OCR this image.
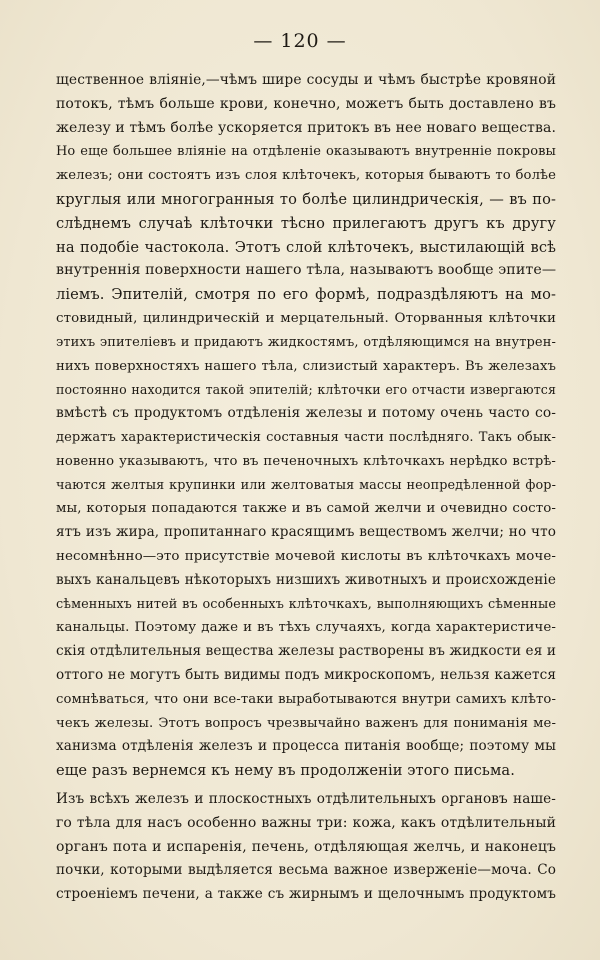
— 120 —
щественное вліяніе,—чѣмъ шире сосуды и чѣмъ быстрѣе кровяной
потокъ, тѣмъ больше крови, конечно, можетъ быть доставлено въ
железу и тѣмъ болѣе ускоряется притокъ въ нее новаго вещества.
Но еще большее вліяніе на отдѣленіе оказываютъ внутренніе покровы
железъ; они состоятъ изъ слоя клѣточекъ, которыя бываютъ то болѣе
круглыя или многогранныя то болѣе цилиндрическія, — въ по-
слѣднемъ случаѣ клѣточки тѣсно прилегаютъ другъ къ другу
на подобіе частокола. Этотъ слой клѣточекъ, выстилающій всѣ
внутреннія поверхности нашего тѣла, называютъ вообще эпите—
ліемъ. Эпителій, смотря по его формѣ, подраздѣляютъ на мо-
стовидный, цилиндрическій и мерцательный. Оторванныя клѣточки
этихъ эпителіевъ и придаютъ жидкостямъ, отдѣляющимся на внутрен-
нихъ поверхностяхъ нашего тѣла, слизистый характеръ. Въ железахъ
постоянно находится такой эпителій; клѣточки его отчасти извергаются
вмѣстѣ съ продуктомъ отдѣленія железы и потому очень часто со-
держатъ характеристическія составныя части послѣдняго. Такъ обык-
новенно указываютъ, что въ печеночныхъ клѣточкахъ нерѣдко встрѣ-
чаются желтыя крупинки или желтоватыя массы неопредѣленной фор-
мы, которыя попадаются также и въ самой желчи и очевидно состо-
ятъ изъ жира, пропитаннаго красящимъ веществомъ желчи; но что
несомнѣнно—это присутствіе мочевой кислоты въ клѣточкахъ моче-
выхъ канальцевъ нѣкоторыхъ низшихъ животныхъ и происхожденіе
сѣменныхъ нитей въ особенныхъ клѣточкахъ, выполняющихъ сѣменные
канальцы. Поэтому даже и въ тѣхъ случаяхъ, когда характеристиче-
скія отдѣлительныя вещества железы растворены въ жидкости ея и
оттого не могутъ быть видимы подъ микроскопомъ, нельзя кажется
сомнѣваться, что они все-таки выработываются внутри самихъ клѣто-
чекъ железы. Этотъ вопросъ чрезвычайно важенъ для пониманія ме-
ханизма отдѣленія железъ и процесса питанія вообще; поэтому мы
еще разъ вернемся къ нему въ продолженіи этого письма.
Изъ всѣхъ железъ и плоскостныхъ отдѣлительныхъ органовъ наше-
го тѣла для насъ особенно важны три: кожа, какъ отдѣлительный
органъ пота и испаренія, печень, отдѣляющая желчь, и наконецъ
почки, которыми выдѣляется весьма важное изверженіе—моча. Со
строеніемъ печени, а также съ жирнымъ и щелочнымъ продуктомъ
